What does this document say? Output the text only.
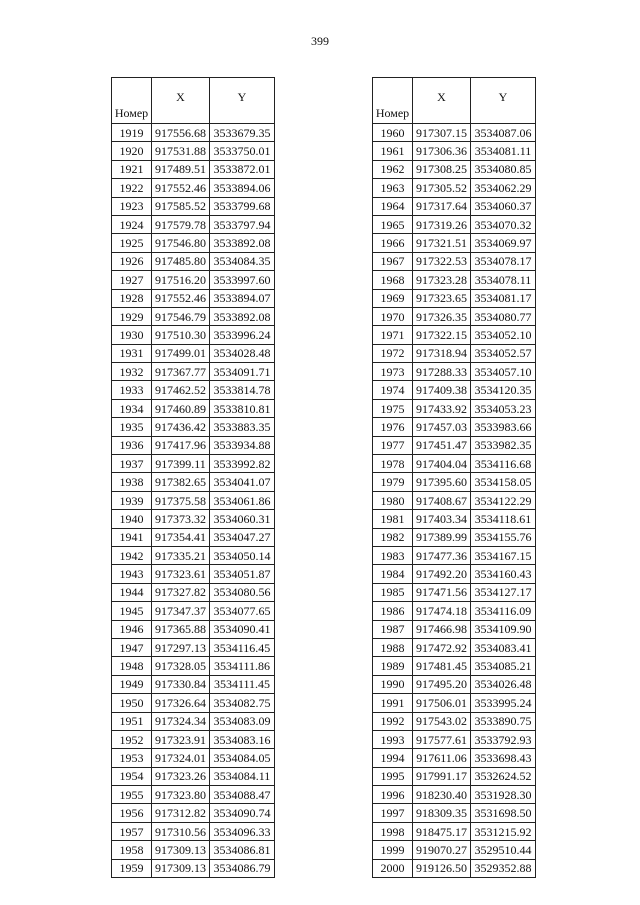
399
Номер	X	Y
1919	917556.68	3533679.35
1920	917531.88	3533750.01
1921	917489.51	3533872.01
1922	917552.46	3533894.06
1923	917585.52	3533799.68
1924	917579.78	3533797.94
1925	917546.80	3533892.08
1926	917485.80	3534084.35
1927	917516.20	3533997.60
1928	917552.46	3533894.07
1929	917546.79	3533892.08
1930	917510.30	3533996.24
1931	917499.01	3534028.48
1932	917367.77	3534091.71
1933	917462.52	3533814.78
1934	917460.89	3533810.81
1935	917436.42	3533883.35
1936	917417.96	3533934.88
1937	917399.11	3533992.82
1938	917382.65	3534041.07
1939	917375.58	3534061.86
1940	917373.32	3534060.31
1941	917354.41	3534047.27
1942	917335.21	3534050.14
1943	917323.61	3534051.87
1944	917327.82	3534080.56
1945	917347.37	3534077.65
1946	917365.88	3534090.41
1947	917297.13	3534116.45
1948	917328.05	3534111.86
1949	917330.84	3534111.45
1950	917326.64	3534082.75
1951	917324.34	3534083.09
1952	917323.91	3534083.16
1953	917324.01	3534084.05
1954	917323.26	3534084.11
1955	917323.80	3534088.47
1956	917312.82	3534090.74
1957	917310.56	3534096.33
1958	917309.13	3534086.81
1959	917309.13	3534086.79
Номер	X	Y
1960	917307.15	3534087.06
1961	917306.36	3534081.11
1962	917308.25	3534080.85
1963	917305.52	3534062.29
1964	917317.64	3534060.37
1965	917319.26	3534070.32
1966	917321.51	3534069.97
1967	917322.53	3534078.17
1968	917323.28	3534078.11
1969	917323.65	3534081.17
1970	917326.35	3534080.77
1971	917322.15	3534052.10
1972	917318.94	3534052.57
1973	917288.33	3534057.10
1974	917409.38	3534120.35
1975	917433.92	3534053.23
1976	917457.03	3533983.66
1977	917451.47	3533982.35
1978	917404.04	3534116.68
1979	917395.60	3534158.05
1980	917408.67	3534122.29
1981	917403.34	3534118.61
1982	917389.99	3534155.76
1983	917477.36	3534167.15
1984	917492.20	3534160.43
1985	917471.56	3534127.17
1986	917474.18	3534116.09
1987	917466.98	3534109.90
1988	917472.92	3534083.41
1989	917481.45	3534085.21
1990	917495.20	3534026.48
1991	917506.01	3533995.24
1992	917543.02	3533890.75
1993	917577.61	3533792.93
1994	917611.06	3533698.43
1995	917991.17	3532624.52
1996	918230.40	3531928.30
1997	918309.35	3531698.50
1998	918475.17	3531215.92
1999	919070.27	3529510.44
2000	919126.50	3529352.88
